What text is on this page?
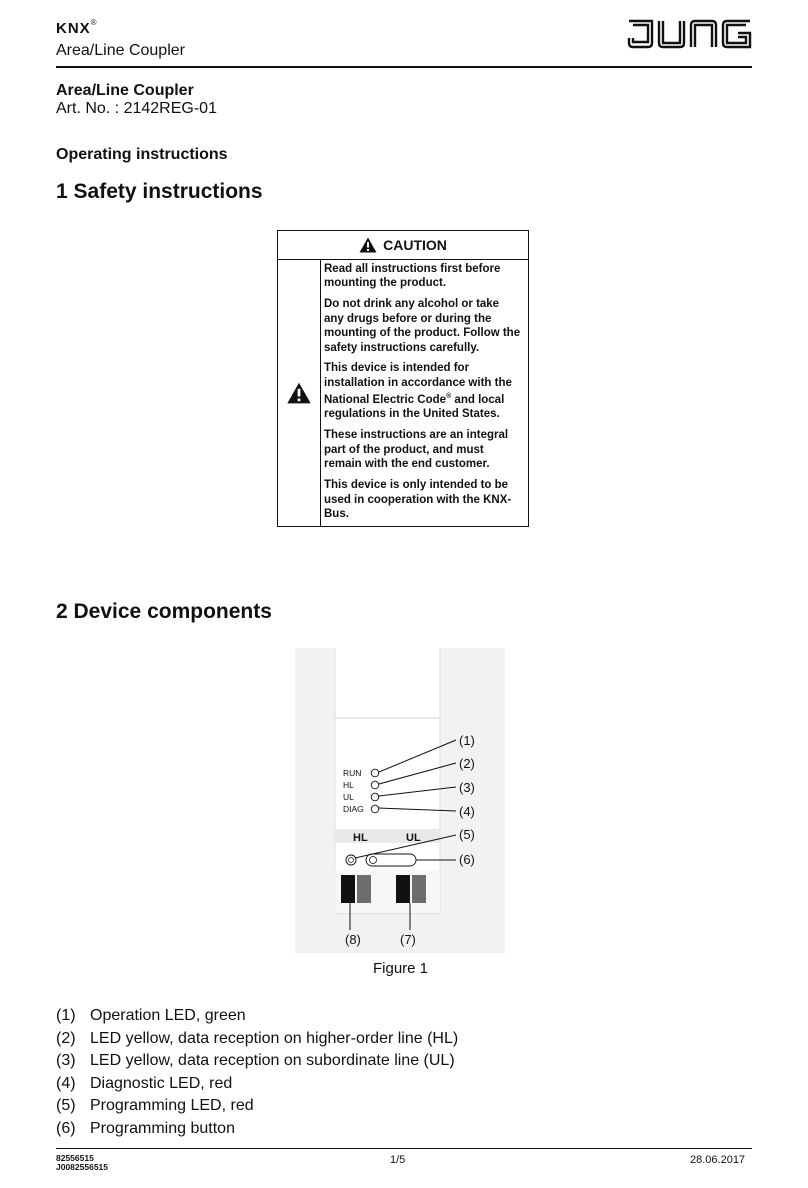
KNX®
Area/Line Coupler
JUNG
Area/Line Coupler
Art. No. : 2142REG-01
Operating instructions
1 Safety instructions
CAUTION

Read all instructions first before mounting the product.

Do not drink any alcohol or take any drugs before or during the mounting of the product. Follow the safety instructions carefully.

This device is intended for installation in accordance with the National Electric Code® and local regulations in the United States.

These instructions are an integral part of the product, and must remain with the end customer.

This device is only intended to be used in cooperation with the KNX-Bus.

2 Device components
RUN
HL
UL
DIAG
HL	UL
(1)
(2)
(3)
(4)
(5)
(6)
(7)
(8)
Figure 1
(1) Operation LED, green
(2) LED yellow, data reception on higher-order line (HL)
(3) LED yellow, data reception on subordinate line (UL)
(4) Diagnostic LED, red
(5) Programming LED, red
(6) Programming button
82556515
J0082556515
1/5	28.06.2017
